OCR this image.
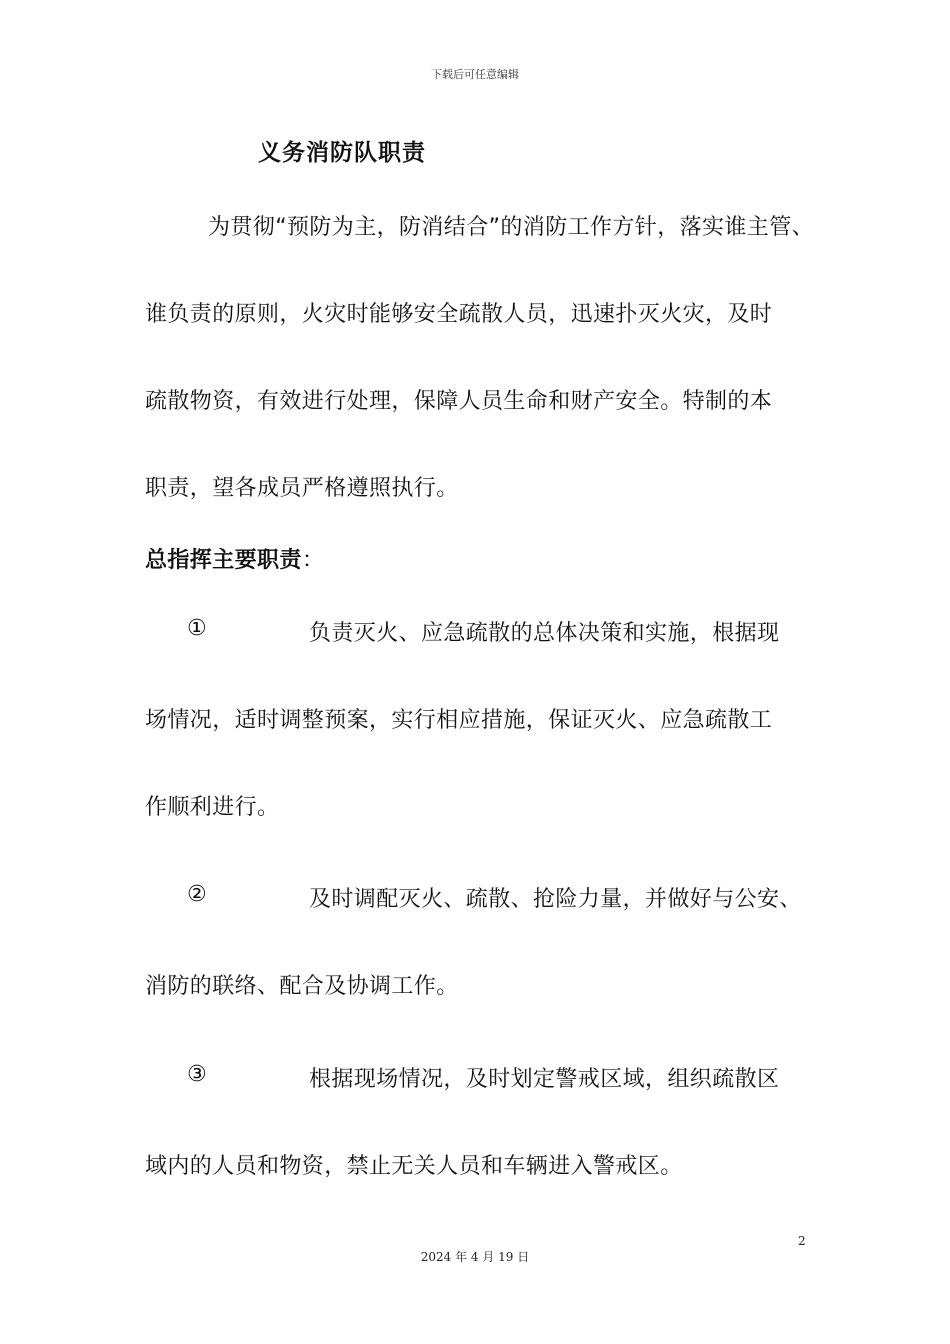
下载后可任意编辑
义务消防队职责
为贯彻“预防为主，防消结合”的消防工作方针，落实谁主管、
谁负责的原则，火灾时能够安全疏散人员，迅速扑灭火灾，及时
疏散物资，有效进行处理，保障人员生命和财产安全。特制的本
职责，望各成员严格遵照执行。
总指挥主要职责：
①	负责灭火、应急疏散的总体决策和实施，根据现
场情况，适时调整预案，实行相应措施，保证灭火、应急疏散工
作顺利进行。
②	及时调配灭火、疏散、抢险力量，并做好与公安、
消防的联络、配合及协调工作。
③	根据现场情况，及时划定警戒区域，组织疏散区
域内的人员和物资，禁止无关人员和车辆进入警戒区。
2
2024 年 4 月 19 日
